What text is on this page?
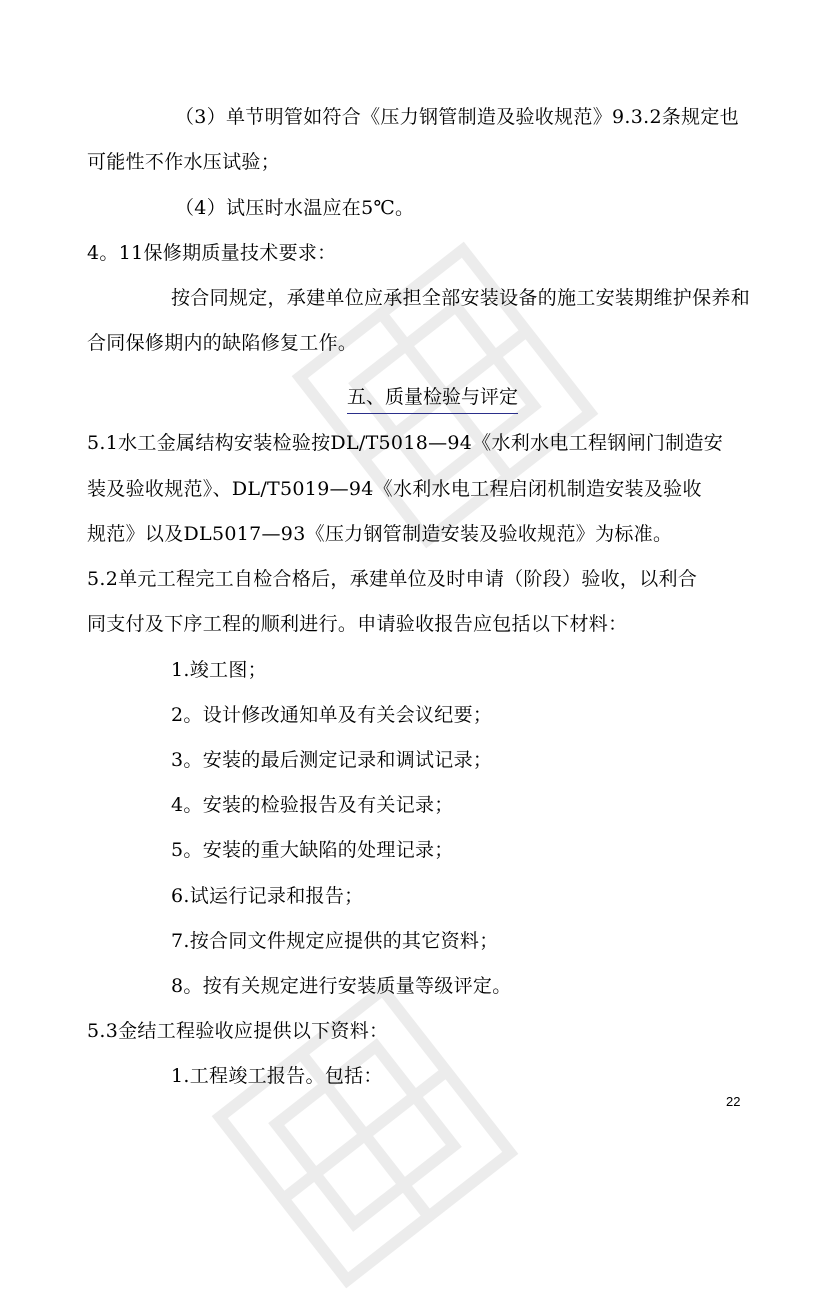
（3）单节明管如符合《压力钢管制造及验收规范》9.3.2条规定也
可能性不作水压试验；
（4）试压时水温应在5℃。
4。11保修期质量技术要求：
按合同规定，承建单位应承担全部安装设备的施工安装期维护保养和
合同保修期内的缺陷修复工作。
五、质量检验与评定
5.1水工金属结构安装检验按DL/T5018—94《水利水电工程钢闸门制造安
装及验收规范》、DL/T5019—94《水利水电工程启闭机制造安装及验收
规范》以及DL5017—93《压力钢管制造安装及验收规范》为标准。
5.2单元工程完工自检合格后，承建单位及时申请（阶段）验收，以利合
同支付及下序工程的顺利进行。申请验收报告应包括以下材料：
1.竣工图；
2。设计修改通知单及有关会议纪要；
3。安装的最后测定记录和调试记录；
4。安装的检验报告及有关记录；
5。安装的重大缺陷的处理记录；
6.试运行记录和报告；
7.按合同文件规定应提供的其它资料；
8。按有关规定进行安装质量等级评定。
5.3金结工程验收应提供以下资料：
1.工程竣工报告。包括：
22
